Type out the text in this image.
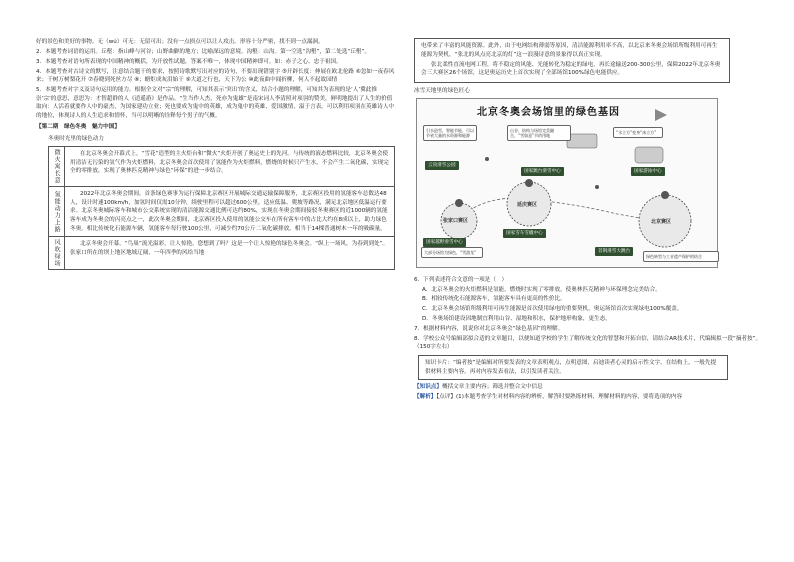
好的景色和美好的事物。无（wú）可无：无留可出；没有一点损点可以让人攻击。形容十分严密，找不到一点漏洞。

2．本题考查词语的运用。丘壑：指山峰与河谷；山野曲僻的地方；比喻深远的意境。沟壑：山沟。第一空选“沟壑”，第二处选“丘壑”。

3．本题考查对语句所表现的中国精神的概括，为开放性试题，答案不唯一，体现中国精神即可。如：赤子之心、忠于祖国。

4．本题考查对古诗文的默写，注意结合题干的要求，按照诗歌默写出对应的诗句，不要出现错别字 ⑤开辟长度：伸展在欧北伦路 ⑥忽如一夜春风来；千树万树梨花开 ⑦春晓到死丝方尽 ⑧；蜡炬成灰泪始干 ⑨大道之行也，天下为公 ⑩此夜曲中闻折柳，何人不起故园情

5．本题考查对字义及诗句运用的能力。根据全文对“宗”的理解，可知其表示‘突出’的含义，结合小题的理解，可知其为表现的是‘人’冀此推崇‘宗’的意思，意思为：才智超群的人《逍遥游》是作品。“生当作人杰，死亦为鬼雄”是南宋词人李清照对项羽的赞美，鲜明地提出了人生的价值取向：人活着就要作人中的豪杰，为国家建功立业；死也要成为鬼中的英雄，成为鬼中的英雄，爱国激情，溢于言表。可以利用项羽在英雄诗人中的地位，体现诗人的人生追求和情怀，当可以明晰的诠释每个男子的气概。

【第二期　绿色冬奥　魅力中国】
冬奥时光里的绿色动力
微火寓长意	在北京冬奥会开幕式上，“雪花”造型的主火炬台和“微火”火炬开创了奥运史上的先河。与传统的液态燃料比较，北京冬奥会使用清洁无污染的氢气作为火炬燃料，北京冬奥会首次使用了氢能作为火炬燃料，燃烧的时候只产生水，不会产生二氧化碳，实现完全的零排放，实现了奥林匹克精神与绿色“环保”的进一步结合。
氢能动力上路	2022年北京冬奥会期间，首条绿色赛事为运行保障北京赛区开展城际交通运输保障服务，北京赛区投用的氢能客车总数达48人，设计时速100km/h，加氢时间仅需10分钟，续驶里程可以超过600公里，适应低温、爬坡等路况，满足北京地区低温运行要求。北京冬奥城际客车和城市公交系统实现的清洁能源交通比例可达约80%，实现在冬奥会期间接驳冬奥赛区的近1000辆的氢能客车成为冬奥会的闪亮点之一，此次冬奥会期间，北京赛区投入使用的氢能公交车在所有客车中的占比大约在8成以上，助力绿色冬奥。相比传统化石能源车辆，氢能客车每行驶100公里，可减少约70公斤二氧化碳排放，相当于14棵普通树木一年的吸碳量。
风吹绿场	北京冬奥会开幕，“鸟巢”流光溢彩，让人惊艳。您想到了吗？这是一个让人惊艳的绿色冬奥会。“纵上一场风，为春到到处”。张家口所在的坝上地区地域辽阔，一年四季的风给当地

电带来了丰富的风能资源。此外，由于电网结构薄弱等原因，清洁能源利用率不高，以北京来冬奥会场馆所级利用可再生能源为契机，“张北的风点亮北京的灯”这一浪漫诗意的景象得以真正实现。

张北柔性直流电网工程，将不稳定的风能、光能转化为稳定的绿电，再长途输送200-300公里，保障2022年北京冬奥会三大赛区26个场馆，这是奥运历史上首次实现了全部场馆100%绿色电能供应。

冰雪天地里的绿色匠心
北京冬奥会场馆里的绿色基因
引水造雪，智能节能，可以节省大量的水资源和能源
山谷、结构与场馆完美融合，“雪如意”节约用地
“水立方”变身“冰立方”
大部分场馆为绿色，“雪游龙”
绿色转型与工业遗产保护的结合
云顶滑雪公园
国家跳台滑雪中心	国家游泳中心
国家越野滑雪中心
国家雪车雪橇中心
首钢滑雪大跳台
张家口赛区
延庆赛区
北京赛区

6．下列表述符合文意的一项是（　）

A．北京冬奥会的火炬燃料是氢能，燃烧时实现了零排放，使奥林匹克精神与环保理念完美结合。

B．相较传统化石能源客车，氢能客车具有更高的性价比。

C．北京冬奥会场馆所级利用可再生能源是首次使用绿电的重要契机，奥运场馆首次实现绿电100%覆盖。

D．冬奥场馆建设因地制宜利用山谷、湿地和积水，保护地形构象，更生态。

7．根据材料内容，说说你对北京冬奥会“绿色基因”的理解。

8．学校公众号编辑部拟合适的文章题目，以便知道学校的学生了解传统文化的智慧和开拓自信，请结合AR技术片，代编辑拟一段“摘者按”。（150字左右）

知识卡片：“编者按”是编辑对所要发表的文章表明观点，点明意图，启迪读者心灵的启示性文字，在结构上，一般先提供材料主要内容，再对内容发表看法，以引发读者关注。

【知识点】概括文章主要内容；筛选并整合文中信息

【解析】【点评】(1)本题考查学生对材料内容的辨析，解答时要熟练材料，理解材料的内容，要将选项的内容
